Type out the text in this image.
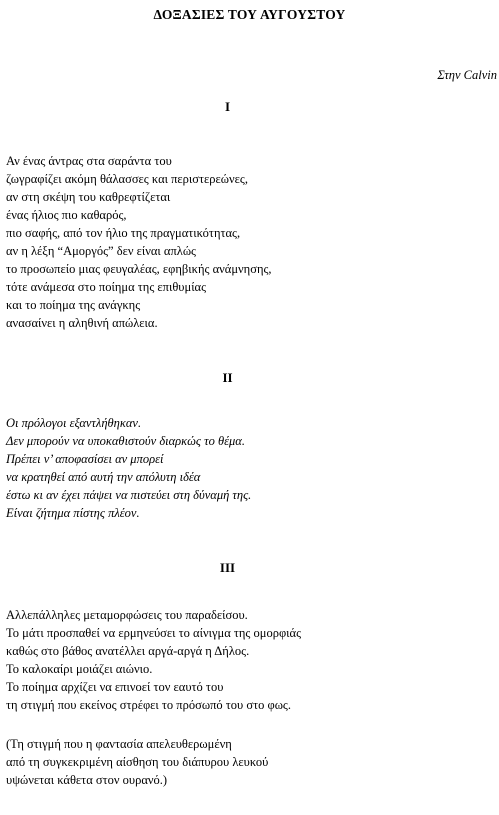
ΔΟΞΑΣΙΕΣ ΤΟΥ ΑΥΓΟΥΣΤΟΥ
Στην Calvin
Ι
Αν ένας άντρας στα σαράντα του
ζωγραφίζει ακόμη θάλασσες και περιστερεώνες,
αν στη σκέψη του καθρεφτίζεται
ένας ήλιος πιο καθαρός,
πιο σαφής, από τον ήλιο της πραγματικότητας,
αν η λέξη “Αμοργός” δεν είναι απλώς
το προσωπείο μιας φευγαλέας, εφηβικής ανάμνησης,
τότε ανάμεσα στο ποίημα της επιθυμίας
και το ποίημα της ανάγκης
ανασαίνει η αληθινή απώλεια.
ΙΙ
Οι πρόλογοι εξαντλήθηκαν.
Δεν μπορούν να υποκαθιστούν διαρκώς το θέμα.
Πρέπει ν’ αποφασίσει αν μπορεί
να κρατηθεί από αυτή την απόλυτη ιδέα
έστω κι αν έχει πάψει να πιστεύει στη δύναμή της.
Είναι ζήτημα πίστης πλέον.
ΙΙΙ
Αλλεπάλληλες μεταμορφώσεις του παραδείσου.
Το μάτι προσπαθεί να ερμηνεύσει το αίνιγμα της ομορφιάς
καθώς στο βάθος ανατέλλει αργά-αργά η Δήλος.
Το καλοκαίρι μοιάζει αιώνιο.
Το ποίημα αρχίζει να επινοεί τον εαυτό του
τη στιγμή που εκείνος στρέφει το πρόσωπό του στο φως.
(Τη στιγμή που η φαντασία απελευθερωμένη
από τη συγκεκριμένη αίσθηση του διάπυρου λευκού
υψώνεται κάθετα στον ουρανό.)
